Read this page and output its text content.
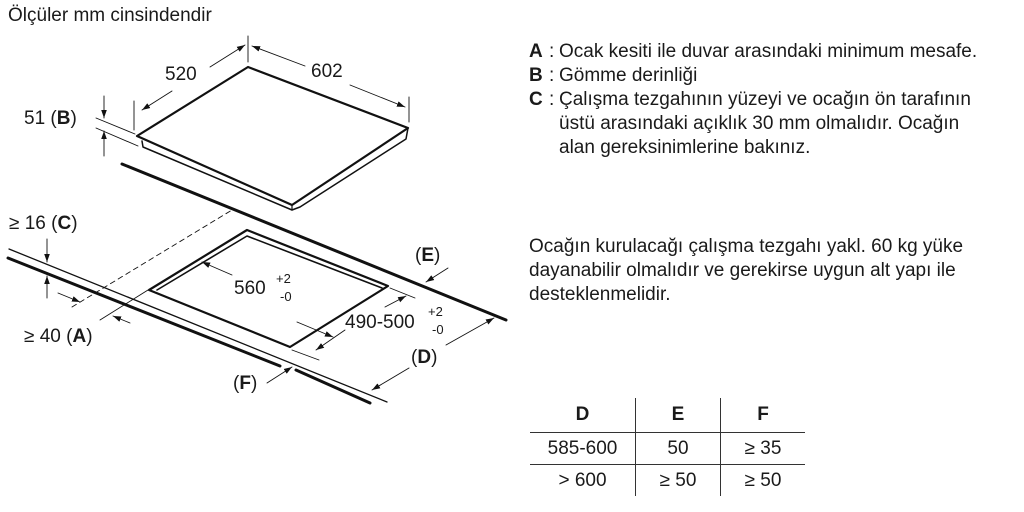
Ölçüler mm cinsindendir
520	602
51 (B)
≥ 16 (C)
≥ 40 (A)
560 +2
-0
490-500
+2
-0
(E)
(D)
(F)
A : Ocak kesiti ile duvar arasındaki minimum mesafe.
B : Gömme derinliği
C : Çalışma tezgahının yüzeyi ve ocağın ön tarafının üstü arasındaki açıklık 30 mm olmalıdır. Ocağın alan gereksinimlerine bakınız.
Ocağın kurulacağı çalışma tezgahı yakl. 60 kg yüke dayanabilir olmalıdır ve gerekirse uygun alt yapı ile desteklenmelidir.
D	E	F
585-600	50	≥ 35
> 600	≥ 50	≥ 50
